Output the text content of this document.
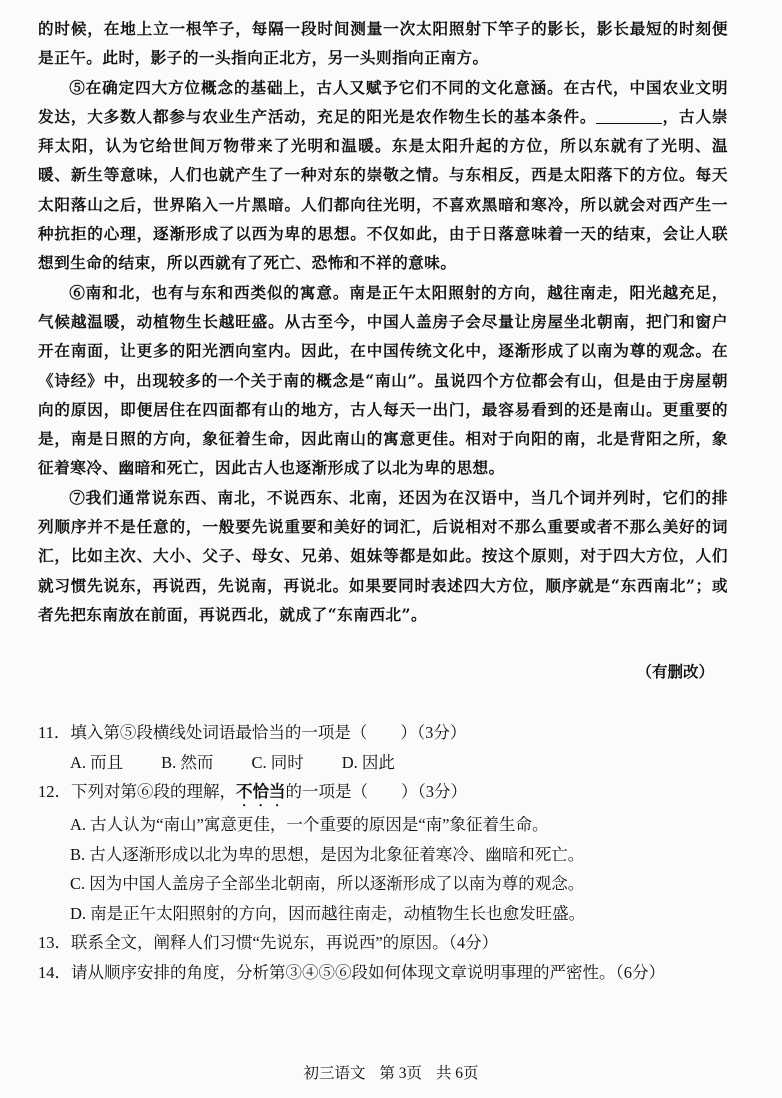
的时候，在地上立一根竿子，每隔一段时间测量一次太阳照射下竿子的影长，影长最短的时刻便是正午。此时，影子的一头指向正北方，另一头则指向正南方。

⑤在确定四大方位概念的基础上，古人又赋予它们不同的文化意涵。在古代，中国农业文明发达，大多数人都参与农业生产活动，充足的阳光是农作物生长的基本条件。	，古人崇拜太阳，认为它给世间万物带来了光明和温暖。东是太阳升起的方位，所以东就有了光明、温暖、新生等意味，人们也就产生了一种对东的崇敬之情。与东相反，西是太阳落下的方位。每天太阳落山之后，世界陷入一片黑暗。人们都向往光明，不喜欢黑暗和寒冷，所以就会对西产生一种抗拒的心理，逐渐形成了以西为卑的思想。不仅如此，由于日落意味着一天的结束，会让人联想到生命的结束，所以西就有了死亡、恐怖和不祥的意味。

⑥南和北，也有与东和西类似的寓意。南是正午太阳照射的方向，越往南走，阳光越充足，气候越温暖，动植物生长越旺盛。从古至今，中国人盖房子会尽量让房屋坐北朝南，把门和窗户开在南面，让更多的阳光洒向室内。因此，在中国传统文化中，逐渐形成了以南为尊的观念。在《诗经》中，出现较多的一个关于南的概念是“南山”。虽说四个方位都会有山，但是由于房屋朝向的原因，即便居住在四面都有山的地方，古人每天一出门，最容易看到的还是南山。更重要的是，南是日照的方向，象征着生命，因此南山的寓意更佳。相对于向阳的南，北是背阳之所，象征着寒冷、幽暗和死亡，因此古人也逐渐形成了以北为卑的思想。

⑦我们通常说东西、南北，不说西东、北南，还因为在汉语中，当几个词并列时，它们的排列顺序并不是任意的，一般要先说重要和美好的词汇，后说相对不那么重要或者不那么美好的词汇，比如主次、大小、父子、母女、兄弟、姐妹等都是如此。按这个原则，对于四大方位，人们就习惯先说东，再说西，先说南，再说北。如果要同时表述四大方位，顺序就是“东西南北”；或者先把东南放在前面，再说西北，就成了“东南西北”。

（有删改）

11．填入第⑤段横线处词语最恰当的一项是（　　）（3分）

A. 而且 B. 然而 C. 同时 D. 因此

12．下列对第⑥段的理解，不恰当的一项是（　　）（3分）

A. 古人认为“南山”寓意更佳，一个重要的原因是“南”象征着生命。

B. 古人逐渐形成以北为卑的思想，是因为北象征着寒冷、幽暗和死亡。

C. 因为中国人盖房子全部坐北朝南，所以逐渐形成了以南为尊的观念。

D. 南是正午太阳照射的方向，因而越往南走，动植物生长也愈发旺盛。

13．联系全文，阐释人们习惯“先说东，再说西”的原因。（4分）

14．请从顺序安排的角度，分析第③④⑤⑥段如何体现文章说明事理的严密性。（6分）

初三语文 第 3页 共 6页
